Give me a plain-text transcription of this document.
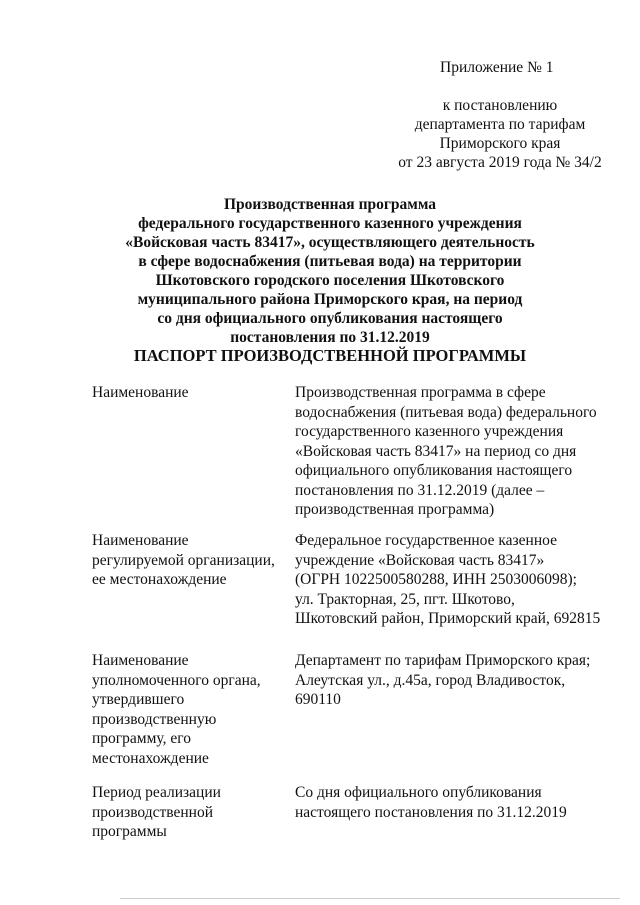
Приложение № 1
к постановлению
департамента по тарифам
Приморского края
от 23 августа 2019 года № 34/2
Производственная программа
федерального государственного казенного учреждения
«Войсковая часть 83417», осуществляющего деятельность
в сфере водоснабжения (питьевая вода) на территории
Шкотовского городского поселения Шкотовского
муниципального района Приморского края, на период
со дня официального опубликования настоящего
постановления по 31.12.2019
ПАСПОРТ ПРОИЗВОДСТВЕННОЙ ПРОГРАММЫ
Наименование	Производственная программа в сфере
водоснабжения (питьевая вода) федерального
государственного казенного учреждения
«Войсковая часть 83417» на период со дня
официального опубликования настоящего
постановления по 31.12.2019 (далее –
производственная программа)
Наименование
регулируемой организации,
ее местонахождение
Федеральное государственное казенное
учреждение «Войсковая часть 83417»
(ОГРН 1022500580288, ИНН 2503006098);
ул. Тракторная, 25, пгт. Шкотово,
Шкотовский район, Приморский край, 692815
Наименование
уполномоченного органа,
утвердившего
производственную
программу, его
местонахождение
Департамент по тарифам Приморского края;
Алеутская ул., д.45а, город Владивосток,
690110
Период реализации
производственной
программы
Со дня официального опубликования
настоящего постановления по 31.12.2019
